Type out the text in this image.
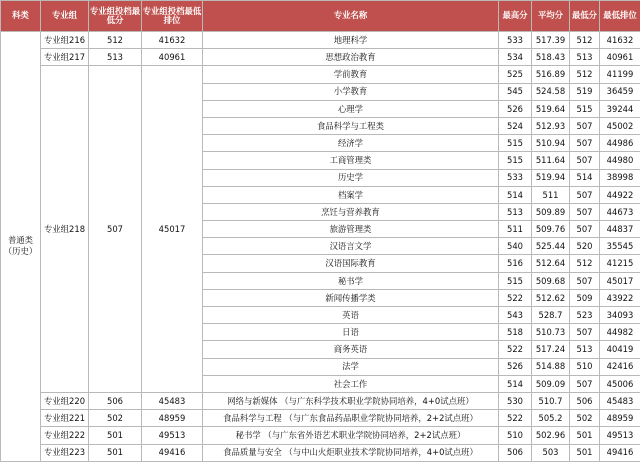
科类	专业组	专业组投档最低分	专业组投档最低排位	专业名称	最高分	平均分	最低分	最低排位
普通类（历史）	专业组216	512	41632	地理科学	533	517.39	512	41632
	专业组217	513	40961	思想政治教育	534	518.43	513	40961
	专业组218	507	45017	学前教育	525	516.89	512	41199
				小学教育	545	524.58	519	36459
				心理学	526	519.64	515	39244
				食品科学与工程类	524	512.93	507	45002
				经济学	515	510.94	507	44986
				工商管理类	515	511.64	507	44980
				历史学	533	519.94	514	38998
				档案学	514	511	507	44922
				烹饪与营养教育	513	509.89	507	44673
				旅游管理类	511	509.76	507	44837
				汉语言文学	540	525.44	520	35545
				汉语国际教育	516	512.64	512	41215
				秘书学	515	509.68	507	45017
				新闻传播学类	522	512.62	509	43922
				英语	543	528.7	523	34093
				日语	518	510.73	507	44982
				商务英语	522	517.24	513	40419
				法学	526	514.88	510	42416
				社会工作	514	509.09	507	45006
	专业组220	506	45483	网络与新媒体 （与广东科学技术职业学院协同培养，4+0试点班）	530	510.7	506	45483
	专业组221	502	48959	食品科学与工程 （与广东食品药品职业学院协同培养，2+2试点班）	522	505.2	502	48959
	专业组222	501	49513	秘书学 （与广东省外语艺术职业学院协同培养，2+2试点班）	510	502.96	501	49513
	专业组223	501	49416	食品质量与安全 （与中山火炬职业技术学院协同培养，4+0试点班）	506	503	501	49416
